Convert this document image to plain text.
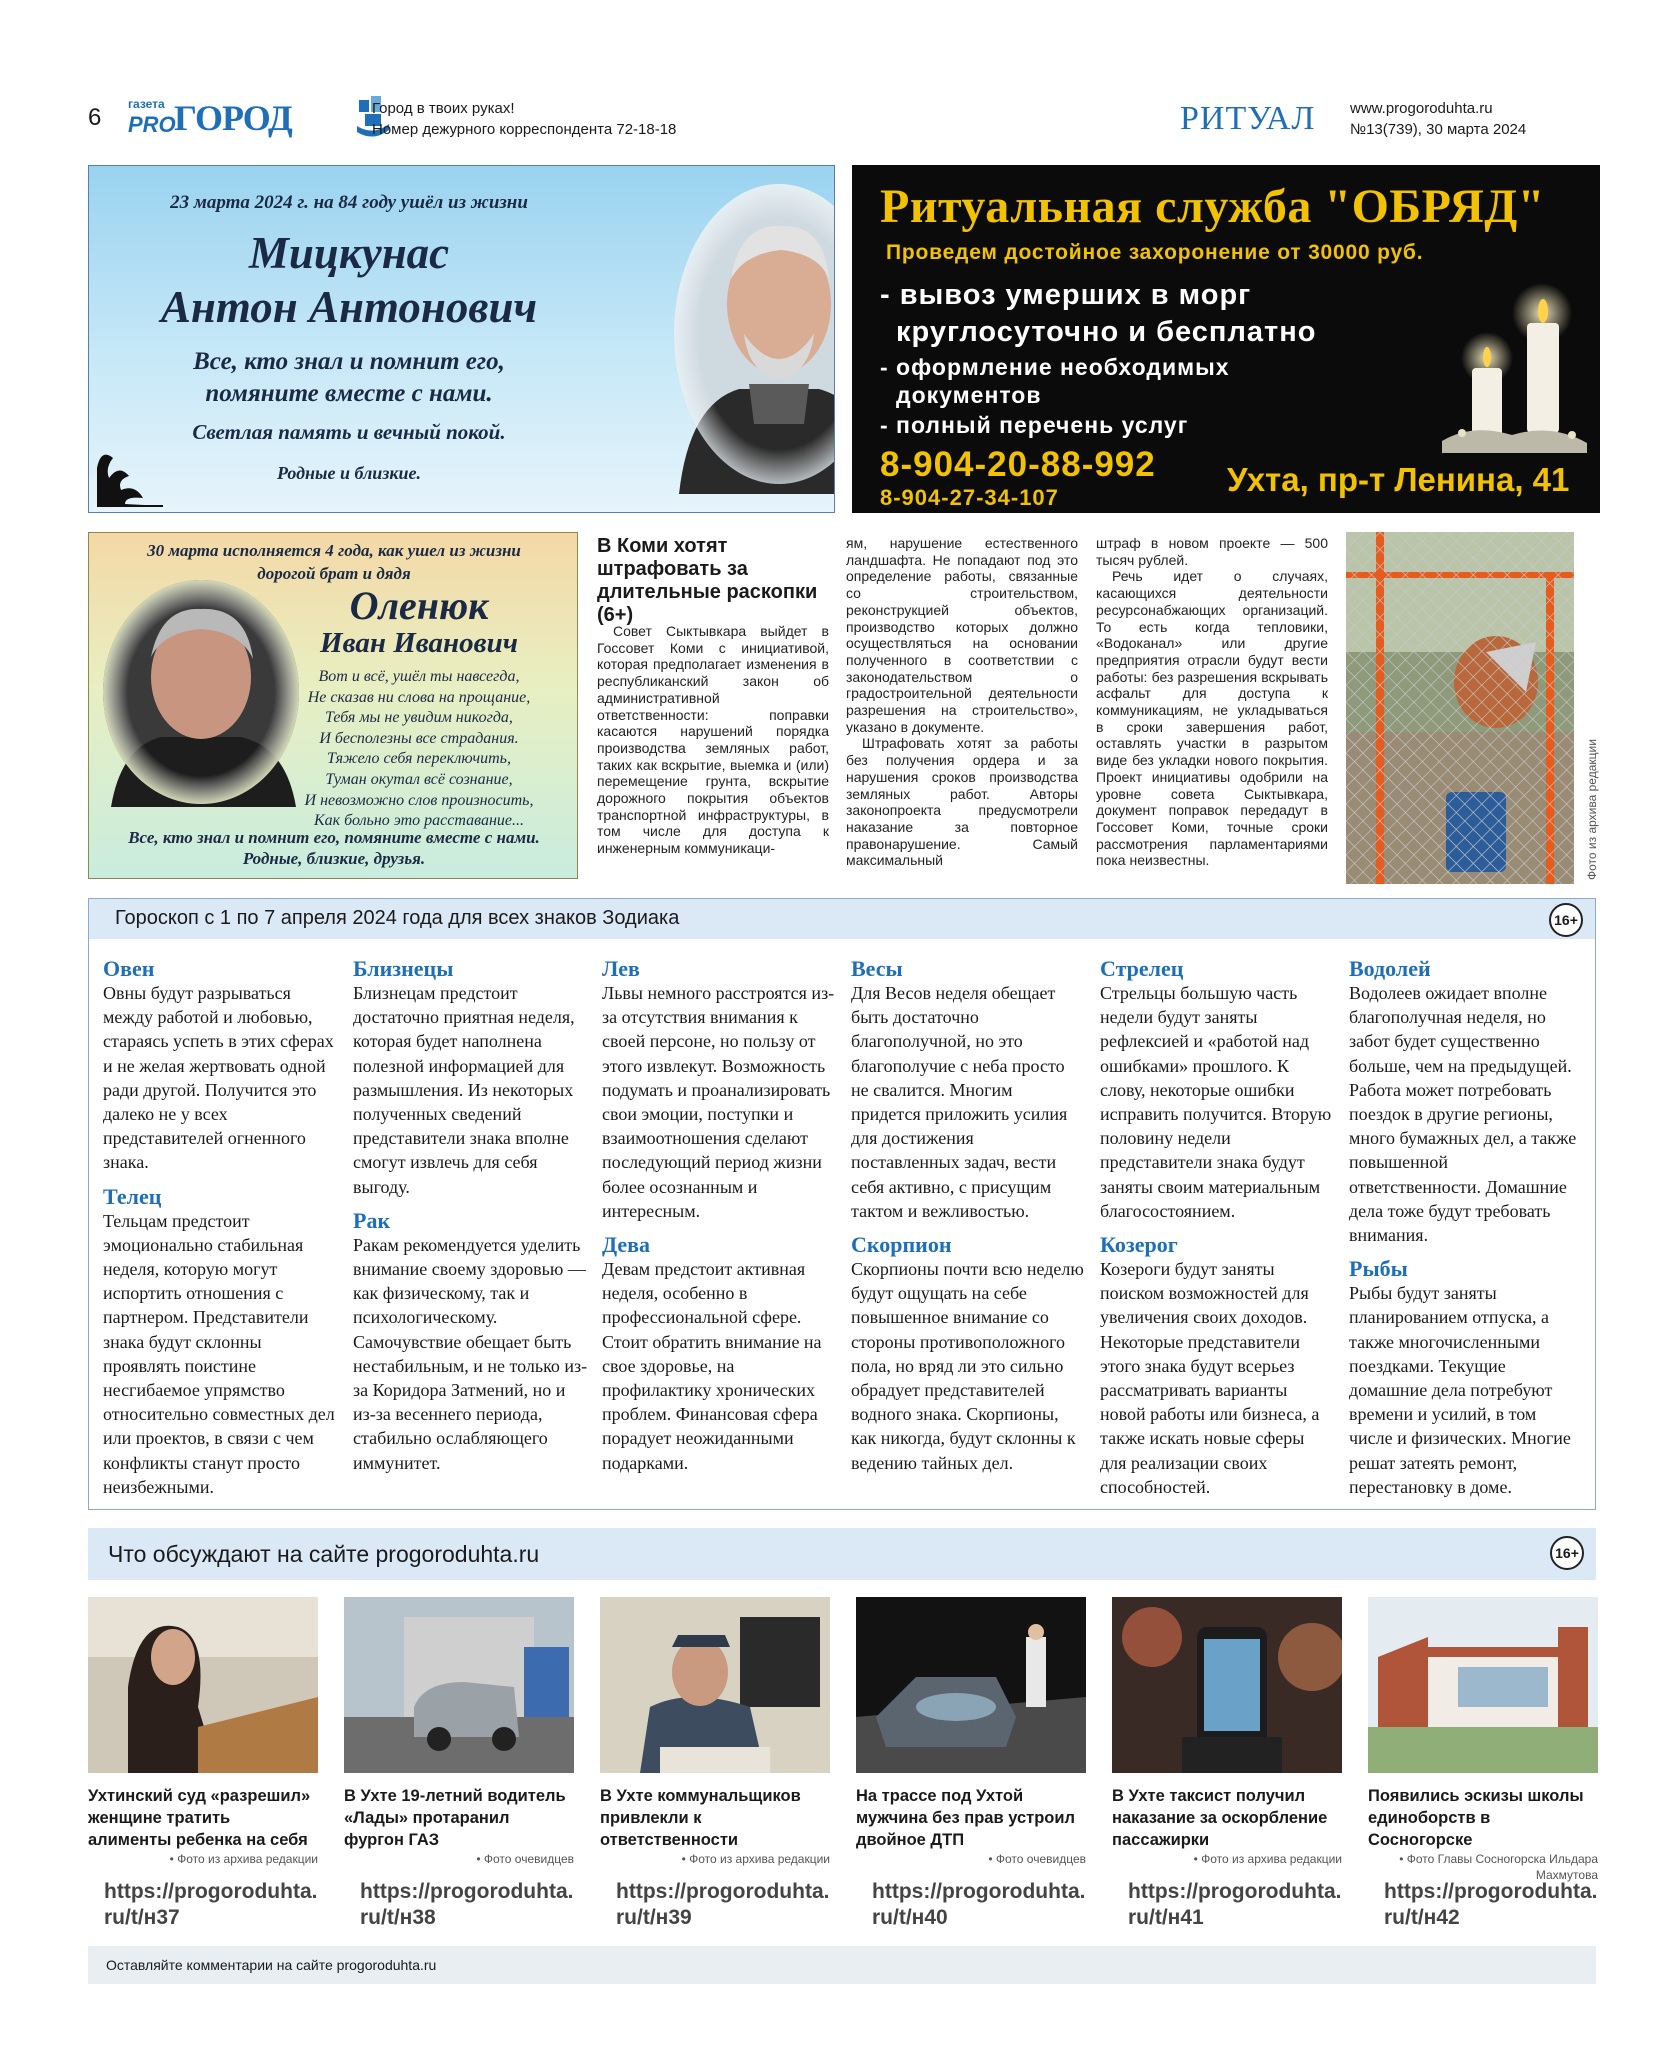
6 газета
PRO
ГОРОД	Город в твоих руках!
Номер дежурного корреспондента 72-18-18	РИТУАЛ www.progoroduhta.ru
№13(739), 30 марта 2024
23 марта 2024 г. на 84 году ушёл из жизни
Мицкунас
Антон Антонович
Все, кто знал и помнит его,
помяните вместе с нами.
Светлая память и вечный покой.
Родные и близкие.
Ритуальная служба "ОБРЯД"
Проведем достойное захоронение от 30000 руб.
- вывоз умерших в морг
круглосуточно и бесплатно
- оформление необходимых
документов
- полный перечень услуг
8-904-20-88-992
8-904-27-34-107	Ухта, пр-т Ленина, 41
30 марта исполняется 4 года, как ушел из жизни
дорогой брат и дядя
Оленюк
Иван Иванович
Вот и всё, ушёл ты навсегда,
Не сказав ни слова на прощание,
Тебя мы не увидим никогда,
И бесполезны все страдания.
Тяжело себя переключить,
Туман окутал всё сознание,
И невозможно слов произносить,
Как больно это расставание...
Все, кто знал и помнит его, помяните вместе с нами.
Родные, близкие, друзья.
В Коми хотят штрафовать за длительные раскопки (6+)

Совет Сыктывкара выйдет в Госсовет Коми с инициативой, которая предполагает изменения в республиканский закон об административной ответственности: поправки касаются нарушений порядка производства земляных работ, таких как вскрытие, выемка и (или) перемещение грунта, вскрытие дорожного покрытия объектов транспортной инфраструктуры, в том числе для доступа к инженерным коммуникаци-

ям, нарушение естественного ландшафта. Не попадают под это определение работы, связанные со строительством, реконструкцией объектов, производство которых должно осуществляться на основании полученного в соответствии с законодательством о градостроительной деятельности разрешения на строительство», указано в документе.

Штрафовать хотят за работы без получения ордера и за нарушения сроков производства земляных работ. Авторы законопроекта предусмотрели наказание за повторное правонарушение. Самый максимальный

штраф в новом проекте — 500 тысяч рублей.

Речь идет о случаях, касающихся деятельности ресурсонабжающих организаций. То есть когда тепловики, «Водоканал» или другие предприятия отрасли будут вести работы: без разрешения вскрывать асфальт для доступа к коммуникациям, не укладываться в сроки завершения работ, оставлять участки в разрытом виде без укладки нового покрытия. Проект инициативы одобрили на уровне совета Сыктывкара, документ поправок передадут в Госсовет Коми, точные сроки рассмотрения парламентариями пока неизвестны.	Фото из архива редакции
Гороскоп с 1 по 7 апреля 2024 года для всех знаков Зодиака	16+
Овен

Овны будут разрываться между работой и любовью, стараясь успеть в этих сферах и не желая жертвовать одной ради другой. Получится это далеко не у всех представителей огненного знака.

Телец

Тельцам предстоит эмоционально стабильная неделя, которую могут испортить отношения с партнером. Представители знака будут склонны проявлять поистине несгибаемое упрямство относительно совместных дел или проектов, в связи с чем конфликты станут просто неизбежными.

Близнецы

Близнецам предстоит достаточно приятная неделя, которая будет наполнена полезной информацией для размышления. Из некоторых полученных сведений представители знака вполне смогут извлечь для себя выгоду.

Рак

Ракам рекомендуется уделить внимание своему здоровью — как физическому, так и психологическому. Самочувствие обещает быть нестабильным, и не только из-за Коридора Затмений, но и из-за весеннего периода, стабильно ослабляющего иммунитет.

Лев

Львы немного расстроятся из-за отсутствия внимания к своей персоне, но пользу от этого извлекут. Возможность подумать и проанализировать свои эмоции, поступки и взаимоотношения сделают последующий период жизни более осознанным и интересным.

Дева

Девам предстоит активная неделя, особенно в профессиональной сфере. Стоит обратить внимание на свое здоровье, на профилактику хронических проблем. Финансовая сфера порадует неожиданными подарками.

Весы

Для Весов неделя обещает быть достаточно благополучной, но это благополучие с неба просто не свалится. Многим придется приложить усилия для достижения поставленных задач, вести себя активно, с присущим тактом и вежливостью.

Скорпион

Скорпионы почти всю неделю будут ощущать на себе повышенное внимание со стороны противоположного пола, но вряд ли это сильно обрадует представителей водного знака. Скорпионы, как никогда, будут склонны к ведению тайных дел.

Стрелец

Стрельцы большую часть недели будут заняты рефлексией и «работой над ошибками» прошлого. К слову, некоторые ошибки исправить получится. Вторую половину недели представители знака будут заняты своим материальным благосостоянием.

Козерог

Козероги будут заняты поиском возможностей для увеличения своих доходов. Некоторые представители этого знака будут всерьез рассматривать варианты новой работы или бизнеса, а также искать новые сферы для реализации своих способностей.

Водолей

Водолеев ожидает вполне благополучная неделя, но забот будет существенно больше, чем на предыдущей. Работа может потребовать поездок в другие регионы, много бумажных дел, а также повышенной ответственности. Домашние дела тоже будут требовать внимания.

Рыбы

Рыбы будут заняты планированием отпуска, а также многочисленными поездками. Текущие домашние дела потребуют времени и усилий, в том числе и физических. Многие решат затеять ремонт, перестановку в доме.

Что обсуждают на сайте progoroduhta.ru	16+
Ухтинский суд «разрешил» женщине тратить алименты ребенка на себя
• Фото из архива редакции
https://progoroduhta.
ru/t/н37
В Ухте 19-летний водитель «Лады» протаранил фургон ГАЗ
• Фото очевидцев
https://progoroduhta.
ru/t/н38
В Ухте коммунальщиков привлекли к ответственности
• Фото из архива редакции
https://progoroduhta.
ru/t/н39
На трассе под Ухтой мужчина без прав устроил двойное ДТП
• Фото очевидцев
https://progoroduhta.
ru/t/н40
В Ухте таксист получил наказание за оскорбление пассажирки
• Фото из архива редакции
https://progoroduhta.
ru/t/н41
Появились эскизы школы единоборств в Сосногорске
• Фото Главы Сосногорска Ильдара Махмутова
https://progoroduhta.
ru/t/н42
Оставляйте комментарии на сайте progoroduhta.ru
